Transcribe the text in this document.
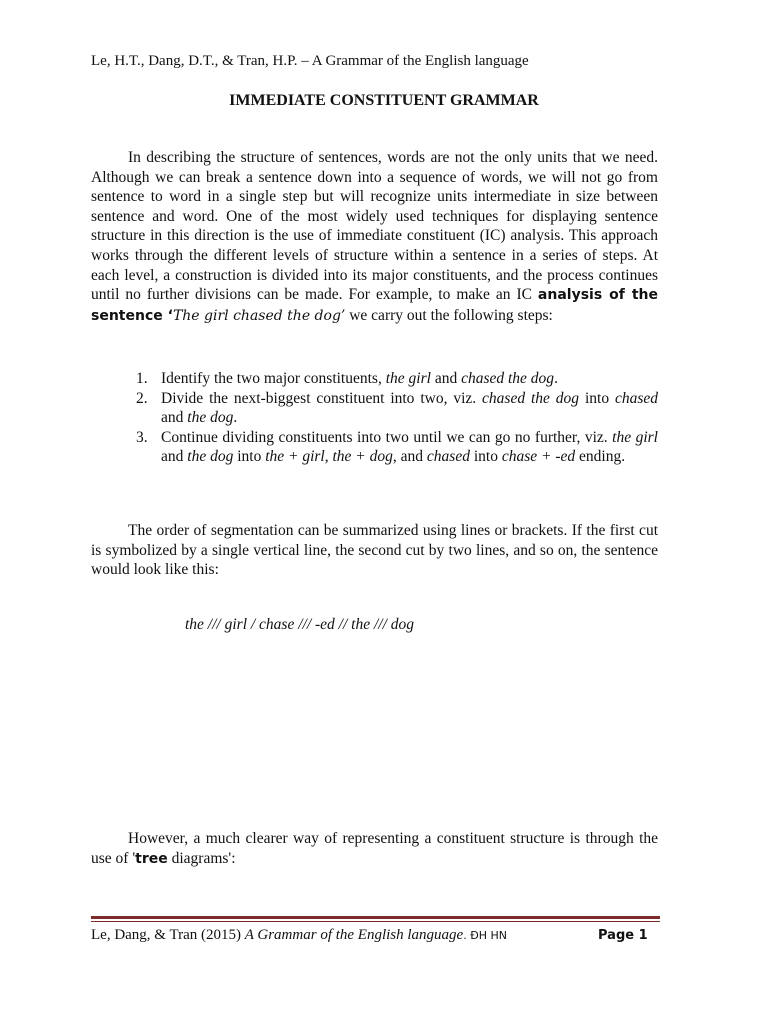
Le, H.T., Dang, D.T., & Tran, H.P. – A Grammar of the English language
IMMEDIATE CONSTITUENT GRAMMAR

In describing the structure of sentences, words are not the only units that we need. Although we can break a sentence down into a sequence of words, we will not go from sentence to word in a single step but will recognize units intermediate in size between sentence and word. One of the most widely used techniques for displaying sentence structure in this direction is the use of immediate constituent (IC) analysis. This approach works through the different levels of structure within a sentence in a series of steps. At each level, a construction is divided into its major constituents, and the process continues until no further divisions can be made. For example, to make an IC analysis of the sentence ‘The girl chased the dog’ we carry out the following steps:

1. Identify the two major constituents, the girl and chased the dog.
2. Divide the next-biggest constituent into two, viz. chased the dog into chased and the dog.
3. Continue dividing constituents into two until we can go no further, viz. the girl and the dog into the + girl, the + dog, and chased into chase + -ed ending.

The order of segmentation can be summarized using lines or brackets. If the first cut is symbolized by a single vertical line, the second cut by two lines, and so on, the sentence would look like this:

the /// girl / chase /// -ed // the /// dog

However, a much clearer way of representing a constituent structure is through the use of 'tree diagrams':

Le, Dang, & Tran (2015) A Grammar of the English language. ĐH HN	Page 1
